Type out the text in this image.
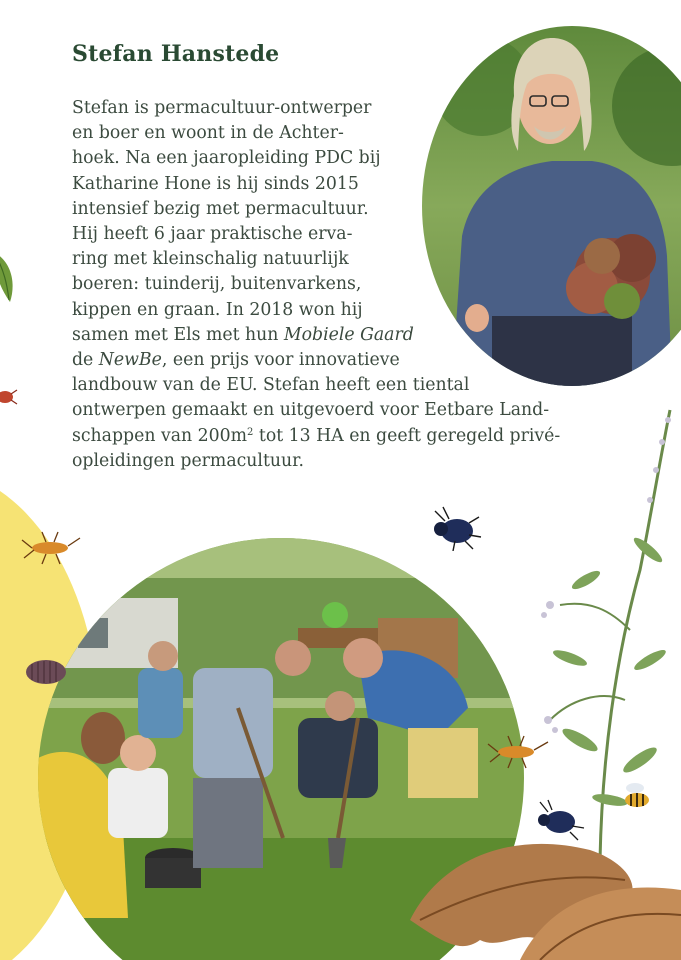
Stefan Hanstede
Stefan is permacultuur-ontwerper
en boer en woont in de Achter-
hoek. Na een jaaropleiding PDC bij
Katharine Hone is hij sinds 2015
intensief bezig met permacultuur.
Hij heeft 6 jaar praktische erva-
ring met kleinschalig natuurlijk
boeren: tuinderij, buitenvarkens,
kippen en graan. In 2018 won hij
samen met Els met hun Mobiele Gaard
de NewBe, een prijs voor innovatieve
landbouw van de EU. Stefan heeft een tiental
ontwerpen gemaakt en uitgevoerd voor Eetbare Land-
schappen van $200m^2$ tot 13 HA en geeft geregeld privé-
opleidingen permacultuur.
